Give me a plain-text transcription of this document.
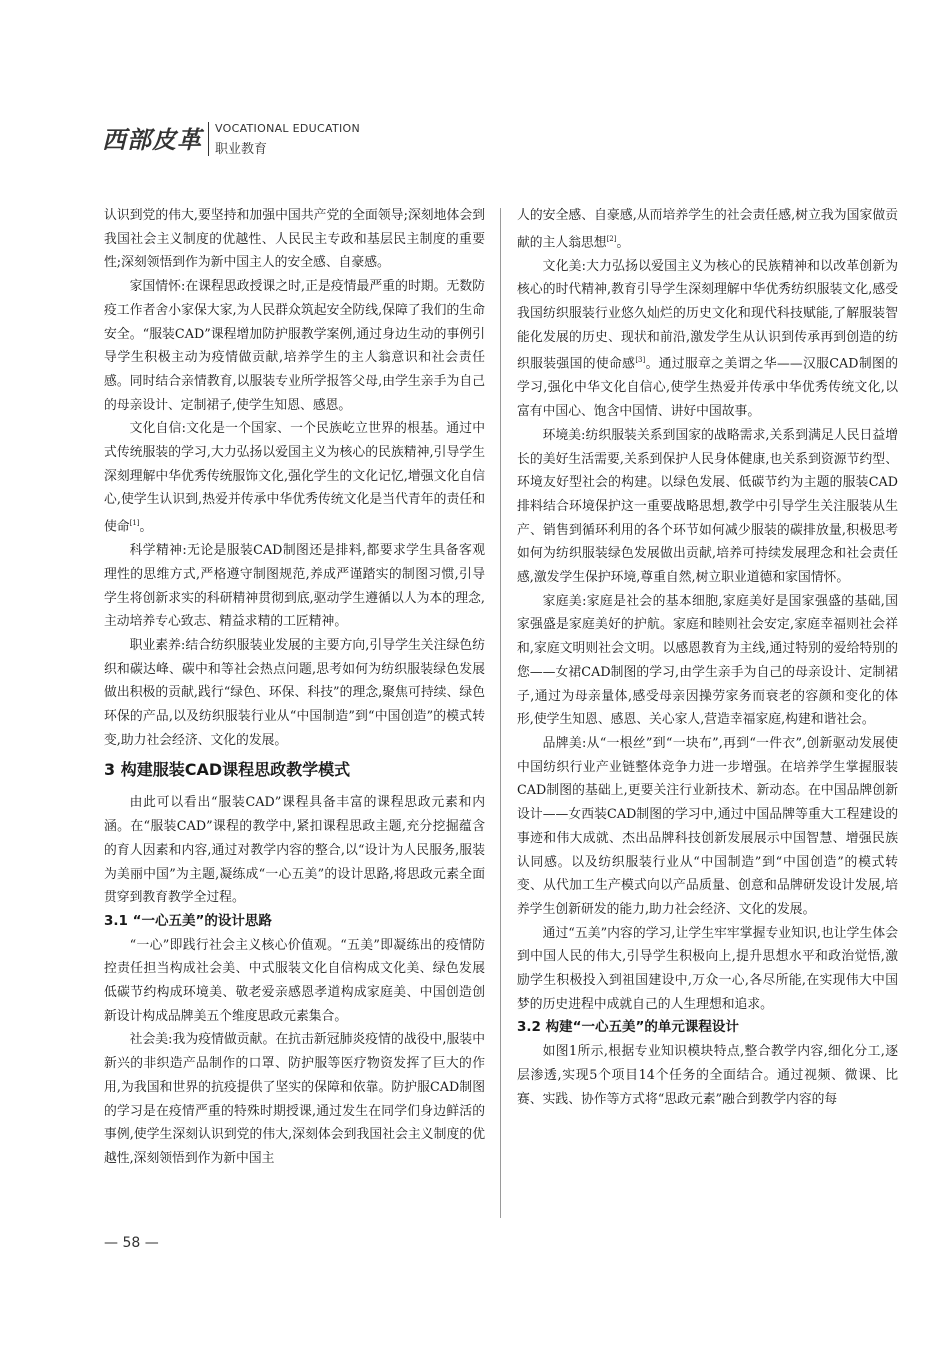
西部皮革 VOCATIONAL EDUCATION
职业教育

认识到党的伟大,要坚持和加强中国共产党的全面领导;深刻地体会到我国社会主义制度的优越性、人民民主专政和基层民主制度的重要性;深刻领悟到作为新中国主人的安全感、自豪感。

家国情怀:在课程思政授课之时,正是疫情最严重的时期。无数防疫工作者舍小家保大家,为人民群众筑起安全防线,保障了我们的生命安全。“服装CAD”课程增加防护服教学案例,通过身边生动的事例引导学生积极主动为疫情做贡献,培养学生的主人翁意识和社会责任感。同时结合亲情教育,以服装专业所学报答父母,由学生亲手为自己的母亲设计、定制裙子,使学生知恩、感恩。

文化自信:文化是一个国家、一个民族屹立世界的根基。通过中式传统服装的学习,大力弘扬以爱国主义为核心的民族精神,引导学生深刻理解中华优秀传统服饰文化,强化学生的文化记忆,增强文化自信心,使学生认识到,热爱并传承中华优秀传统文化是当代青年的责任和使命[1]。

科学精神:无论是服装CAD制图还是排料,都要求学生具备客观理性的思维方式,严格遵守制图规范,养成严谨踏实的制图习惯,引导学生将创新求实的科研精神贯彻到底,驱动学生遵循以人为本的理念,主动培养专心致志、精益求精的工匠精神。

职业素养:结合纺织服装业发展的主要方向,引导学生关注绿色纺织和碳达峰、碳中和等社会热点问题,思考如何为纺织服装绿色发展做出积极的贡献,践行“绿色、环保、科技”的理念,聚焦可持续、绿色环保的产品,以及纺织服装行业从“中国制造”到“中国创造”的模式转变,助力社会经济、文化的发展。

3 构建服装CAD课程思政教学模式

由此可以看出“服装CAD”课程具备丰富的课程思政元素和内涵。在“服装CAD”课程的教学中,紧扣课程思政主题,充分挖掘蕴含的育人因素和内容,通过对教学内容的整合,以“设计为人民服务,服装为美丽中国”为主题,凝练成“一心五美”的设计思路,将思政元素全面贯穿到教育教学全过程。

3.1 “一心五美”的设计思路

“一心”即践行社会主义核心价值观。“五美”即凝练出的疫情防控责任担当构成社会美、中式服装文化自信构成文化美、绿色发展低碳节约构成环境美、敬老爱亲感恩孝道构成家庭美、中国创造创新设计构成品牌美五个维度思政元素集合。

社会美:我为疫情做贡献。在抗击新冠肺炎疫情的战役中,服装中新兴的非织造产品制作的口罩、防护服等医疗物资发挥了巨大的作用,为我国和世界的抗疫提供了坚实的保障和依靠。防护服CAD制图的学习是在疫情严重的特殊时期授课,通过发生在同学们身边鲜活的事例,使学生深刻认识到党的伟大,深刻体会到我国社会主义制度的优越性,深刻领悟到作为新中国主

人的安全感、自豪感,从而培养学生的社会责任感,树立我为国家做贡献的主人翁思想[2]。

文化美:大力弘扬以爱国主义为核心的民族精神和以改革创新为核心的时代精神,教育引导学生深刻理解中华优秀纺织服装文化,感受我国纺织服装行业悠久灿烂的历史文化和现代科技赋能,了解服装智能化发展的历史、现状和前沿,激发学生从认识到传承再到创造的纺织服装强国的使命感[3]。通过服章之美谓之华——汉服CAD制图的学习,强化中华文化自信心,使学生热爱并传承中华优秀传统文化,以富有中国心、饱含中国情、讲好中国故事。

环境美:纺织服装关系到国家的战略需求,关系到满足人民日益增长的美好生活需要,关系到保护人民身体健康,也关系到资源节约型、环境友好型社会的构建。以绿色发展、低碳节约为主题的服装CAD排料结合环境保护这一重要战略思想,教学中引导学生关注服装从生产、销售到循环利用的各个环节如何减少服装的碳排放量,积极思考如何为纺织服装绿色发展做出贡献,培养可持续发展理念和社会责任感,激发学生保护环境,尊重自然,树立职业道德和家国情怀。

家庭美:家庭是社会的基本细胞,家庭美好是国家强盛的基础,国家强盛是家庭美好的护航。家庭和睦则社会安定,家庭幸福则社会祥和,家庭文明则社会文明。以感恩教育为主线,通过特别的爱给特别的您——女裙CAD制图的学习,由学生亲手为自己的母亲设计、定制裙子,通过为母亲量体,感受母亲因操劳家务而衰老的容颜和变化的体形,使学生知恩、感恩、关心家人,营造幸福家庭,构建和谐社会。

品牌美:从“一根丝”到“一块布”,再到“一件衣”,创新驱动发展使中国纺织行业产业链整体竞争力进一步增强。在培养学生掌握服装CAD制图的基础上,更要关注行业新技术、新动态。在中国品牌创新设计——女西装CAD制图的学习中,通过中国品牌等重大工程建设的事迹和伟大成就、杰出品牌科技创新发展展示中国智慧、增强民族认同感。以及纺织服装行业从“中国制造”到“中国创造”的模式转变、从代加工生产模式向以产品质量、创意和品牌研发设计发展,培养学生创新研发的能力,助力社会经济、文化的发展。

通过“五美”内容的学习,让学生牢牢掌握专业知识,也让学生体会到中国人民的伟大,引导学生积极向上,提升思想水平和政治觉悟,激励学生积极投入到祖国建设中,万众一心,各尽所能,在实现伟大中国梦的历史进程中成就自己的人生理想和追求。

3.2 构建“一心五美”的单元课程设计

如图1所示,根据专业知识模块特点,整合教学内容,细化分工,逐层渗透,实现5个项目14个任务的全面结合。通过视频、微课、比赛、实践、协作等方式将“思政元素”融合到教学内容的每

— 58 —
